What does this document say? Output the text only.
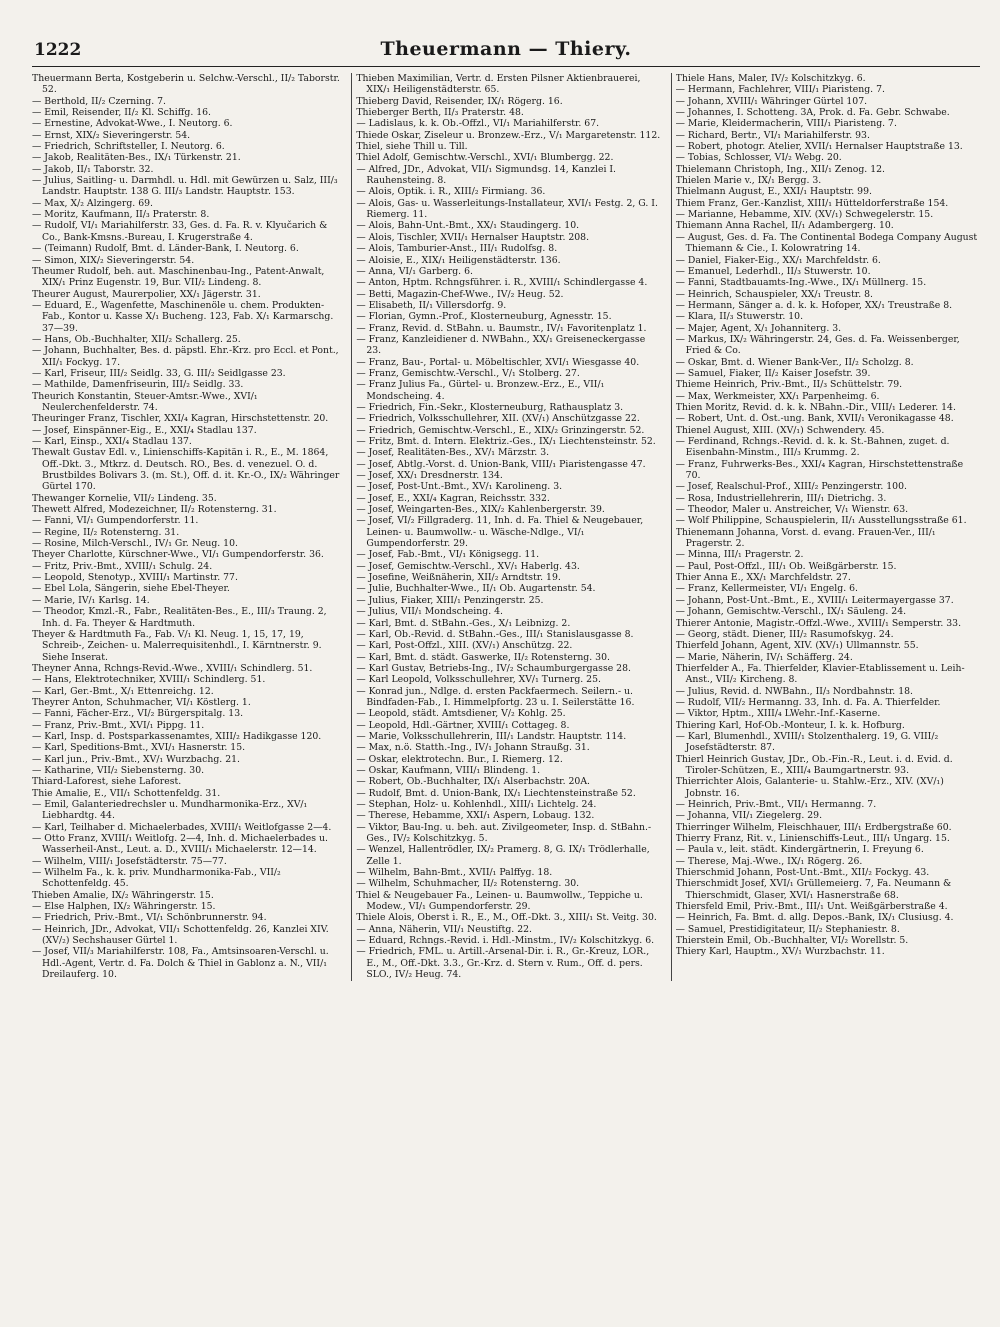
1222	Theuermann — Thiery.

Theuermann Berta, Kostgeberin u. Selchw.-Verschl., II/₂ Taborstr. 52.

— Berthold, II/₂ Czerning. 7.

— Emil, Reisender, II/₂ Kl. Schiffg. 16.

— Ernestine, Advokat-Wwe., I. Neutorg. 6.

— Ernst, XIX/₂ Sieveringerstr. 54.

— Friedrich, Schriftsteller, I. Neutorg. 6.

— Jakob, Realitäten-Bes., IX/₁ Türkenstr. 21.

— Jakob, II/₁ Taborstr. 32.

— Julius, Saitling- u. Darmhdl. u. Hdl. mit Gewürzen u. Salz, III/₃ Landstr. Hauptstr. 138 G. III/₃ Landstr. Hauptstr. 153.

— Max, X/₂ Alzingerg. 69.

— Moritz, Kaufmann, II/₃ Praterstr. 8.

— Rudolf, VI/₁ Mariahilferstr. 33, Ges. d. Fa. R. v. Klyučarich & Co., Bank-Kmsns.-Bureau, I. Krugerstraße 4.

— (Teimann) Rudolf, Bmt. d. Länder-Bank, I. Neutorg. 6.

— Simon, XIX/₂ Sieveringerstr. 54.

Theumer Rudolf, beh. aut. Maschinenbau-Ing., Patent-Anwalt, XIX/₁ Prinz Eugenstr. 19, Bur. VII/₂ Lindeng. 8.

Theurer August, Maurerpolier, XX/₁ Jägerstr. 31.

— Eduard, E., Wagenfette, Maschinenöle u. chem. Produkten-Fab., Kontor u. Kasse X/₁ Bucheng. 123, Fab. X/₁ Karmarschg. 37—39.

— Hans, Ob.-Buchhalter, XII/₂ Schallerg. 25.

— Johann, Buchhalter, Bes. d. päpstl. Ehr.-Krz. pro Eccl. et Pont., XII/₁ Fockyg. 17.

— Karl, Friseur, III/₂ Seidlg. 33, G. III/₂ Seidlgasse 23.

— Mathilde, Damenfriseurin, III/₂ Seidlg. 33.

Theurich Konstantin, Steuer-Amtsr.-Wwe., XVI/₁ Neulerchenfelderstr. 74.

Theuringer Franz, Tischler, XXI/₄ Kagran, Hirschstettenstr. 20.

— Josef, Einspänner-Eig., E., XXI/₄ Stadlau 137.

— Karl, Einsp., XXI/₄ Stadlau 137.

Thewalt Gustav Edl. v., Linienschiffs-Kapitän i. R., E., M. 1864, Off.-Dkt. 3., Mtkrz. d. Deutsch. RO., Bes. d. venezuel. O. d. Brustbildes Bolivars 3. (m. St.), Off. d. it. Kr.-O., IX/₂ Währinger Gürtel 170.

Thewanger Kornelie, VII/₂ Lindeng. 35.

Thewett Alfred, Modezeichner, II/₂ Rotensterng. 31.

— Fanni, VI/₁ Gumpendorferstr. 11.

— Regine, II/₂ Rotensterng. 31.

— Rosine, Milch-Verschl., IV/₁ Gr. Neug. 10.

Theyer Charlotte, Kürschner-Wwe., VI/₁ Gumpendorferstr. 36.

— Fritz, Priv.-Bmt., XVIII/₁ Schulg. 24.

— Leopold, Stenotyp., XVIII/₁ Martinstr. 77.

— Ebel Lola, Sängerin, siehe Ebel-Theyer.

— Marie, IV/₁ Karlsg. 14.

— Theodor, Kmzl.-R., Fabr., Realitäten-Bes., E., III/₃ Traung. 2, Inh. d. Fa. Theyer & Hardtmuth.

Theyer & Hardtmuth Fa., Fab. V/₁ Kl. Neug. 1, 15, 17, 19, Schreib-, Zeichen- u. Malerrequisitenhdl., I. Kärntnerstr. 9. Siehe Inserat.

Theyner Anna, Rchngs-Revid.-Wwe., XVIII/₁ Schindlerg. 51.

— Hans, Elektrotechniker, XVIII/₁ Schindlerg. 51.

— Karl, Ger.-Bmt., X/₁ Ettenreichg. 12.

Theyrer Anton, Schuhmacher, VI/₁ Köstlerg. 1.

— Fanni, Fächer-Erz., VI/₂ Bürgerspitalg. 13.

— Franz, Priv.-Bmt., XVI/₁ Pippg. 11.

— Karl, Insp. d. Postsparkassenamtes, XIII/₂ Hadikgasse 120.

— Karl, Speditions-Bmt., XVI/₁ Hasnerstr. 15.

— Karl jun., Priv.-Bmt., XV/₁ Wurzbachg. 21.

— Katharine, VII/₂ Siebensterng. 30.

Thiard-Laforest, siehe Laforest.

Thie Amalie, E., VII/₁ Schottenfeldg. 31.

— Emil, Galanteriedrechsler u. Mundharmonika-Erz., XV/₁ Liebhardtg. 44.

— Karl, Teilhaber d. Michaelerbades, XVIII/₁ Weitlofgasse 2—4.

— Otto Franz, XVIII/₁ Weitlofg. 2—4, Inh. d. Michaelerbades u. Wasserheil-Anst., Leut. a. D., XVIII/₁ Michaelerstr. 12—14.

— Wilhelm, VIII/₁ Josefstädterstr. 75—77.

— Wilhelm Fa., k. k. priv. Mundharmonika-Fab., VII/₂ Schottenfeldg. 45.

Thieben Amalie, IX/₂ Währingerstr. 15.

— Else Halphen, IX/₂ Währingerstr. 15.

— Friedrich, Priv.-Bmt., VI/₁ Schönbrunnerstr. 94.

— Heinrich, JDr., Advokat, VII/₁ Schottenfeldg. 26, Kanzlei XIV. (XV/₂) Sechshauser Gürtel 1.

— Josef, VII/₃ Mariahilferstr. 108, Fa., Amtsinsoaren-Verschl. u. Hdl.-Agent, Vertr. d. Fa. Dolch & Thiel in Gablonz a. N., VII/₁ Dreilauferg. 10.

Thieben Maximilian, Vertr. d. Ersten Pilsner Aktienbrauerei, XIX/₁ Heiligenstädterstr. 65.

Thieberg David, Reisender, IX/₁ Rögerg. 16.

Thieberger Berth, II/₃ Praterstr. 48.

— Ladislaus, k. k. Ob.-Offzl., VI/₁ Mariahilferstr. 67.

Thiede Oskar, Ziseleur u. Bronzew.-Erz., V/₁ Margaretenstr. 112.

Thiel, siehe Thill u. Till.

Thiel Adolf, Gemischtw.-Verschl., XVI/₁ Blumbergg. 22.

— Alfred, JDr., Advokat, VII/₁ Sigmundsg. 14, Kanzlei I. Rauhensteing. 8.

— Alois, Optik. i. R., XIII/₂ Firmiang. 36.

— Alois, Gas- u. Wasserleitungs-Installateur, XVI/₁ Festg. 2, G. I. Riemerg. 11.

— Alois, Bahn-Unt.-Bmt., XX/₁ Staudingerg. 10.

— Alois, Tischler, XVII/₁ Hernalser Hauptstr. 208.

— Alois, Tamburier-Anst., III/₁ Rudolfsg. 8.

— Aloisie, E., XIX/₁ Heiligenstädterstr. 136.

— Anna, VI/₁ Garberg. 6.

— Anton, Hptm. Rchngsführer. i. R., XVIII/₁ Schindlergasse 4.

— Betti, Magazin-Chef-Wwe., IV/₂ Heug. 52.

— Elisabeth, II/₁ Villersdorfg. 9.

— Florian, Gymn.-Prof., Klosterneuburg, Agnesstr. 15.

— Franz, Revid. d. StBahn. u. Baumstr., IV/₁ Favoritenplatz 1.

— Franz, Kanzleidiener d. NWBahn., XX/₁ Greiseneckergasse 23.

— Franz, Bau-, Portal- u. Möbeltischler, XVI/₁ Wiesgasse 40.

— Franz, Gemischtw.-Verschl., V/₁ Stolberg. 27.

— Franz Julius Fa., Gürtel- u. Bronzew.-Erz., E., VII/₁ Mondscheing. 4.

— Friedrich, Fin.-Sekr., Klosterneuburg, Rathausplatz 3.

— Friedrich, Volksschullehrer, XII. (XV/₁) Anschützgasse 22.

— Friedrich, Gemischtw.-Verschl., E., XIX/₂ Grinzingerstr. 52.

— Fritz, Bmt. d. Intern. Elektriz.-Ges., IX/₁ Liechtensteinstr. 52.

— Josef, Realitäten-Bes., XV/₁ Märzstr. 3.

— Josef, Abtlg.-Vorst. d. Union-Bank, VIII/₁ Piaristengasse 47.

— Josef, XX/₁ Dresdnerstr. 134.

— Josef, Post-Unt.-Bmt., XV/₁ Karolineng. 3.

— Josef, E., XXI/₄ Kagran, Reichsstr. 332.

— Josef, Weingarten-Bes., XIX/₂ Kahlenbergerstr. 39.

— Josef, VI/₂ Fillgraderg. 11, Inh. d. Fa. Thiel & Neugebauer, Leinen- u. Baumwollw.- u. Wäsche-Ndlge., VI/₁ Gumpendorferstr. 29.

— Josef, Fab.-Bmt., VI/₁ Königsegg. 11.

— Josef, Gemischtw.-Verschl., XV/₁ Haberlg. 43.

— Josefine, Weißnäherin, XII/₂ Arndtstr. 19.

— Julie, Buchhalter-Wwe., II/₁ Ob. Augartenstr. 54.

— Julius, Fiaker, XIII/₁ Penzingerstr. 25.

— Julius, VII/₁ Mondscheing. 4.

— Karl, Bmt. d. StBahn.-Ges., X/₁ Leibnizg. 2.

— Karl, Ob.-Revid. d. StBahn.-Ges., III/₁ Stanislausgasse 8.

— Karl, Post-Offzl., XIII. (XV/₁) Anschützg. 22.

— Karl, Bmt. d. städt. Gaswerke, II/₂ Rotensterng. 30.

— Karl Gustav, Betriebs-Ing., IV/₂ Schaumburgergasse 28.

— Karl Leopold, Volksschullehrer, XV/₁ Turnerg. 25.

— Konrad jun., Ndlge. d. ersten Packfaermech. Seilern.- u. Bindfaden-Fab., I. Himmelpfortg. 23 u. I. Seilerstätte 16.

— Leopold, städt. Amtsdiener, V/₂ Kohlg. 25.

— Leopold, Hdl.-Gärtner, XVIII/₁ Cottageg. 8.

— Marie, Volksschullehrerin, III/₁ Landstr. Hauptstr. 114.

— Max, n.ö. Statth.-Ing., IV/₁ Johann Straußg. 31.

— Oskar, elektrotechn. Bur., I. Riemerg. 12.

— Oskar, Kaufmann, VIII/₁ Blindeng. 1.

— Robert, Ob.-Buchhalter, IX/₁ Alserbachstr. 20A.

— Rudolf, Bmt. d. Union-Bank, IX/₁ Liechtensteinstraße 52.

— Stephan, Holz- u. Kohlenhdl., XIII/₁ Lichtelg. 24.

— Therese, Hebamme, XXI/₁ Aspern, Lobaug. 132.

— Viktor, Bau-Ing. u. beh. aut. Zivilgeometer, Insp. d. StBahn.-Ges., IV/₂ Kolschitzkyg. 5.

— Wenzel, Hallentrödler, IX/₂ Pramerg. 8, G. IX/₁ Trödlerhalle, Zelle 1.

— Wilhelm, Bahn-Bmt., XVII/₁ Palffyg. 18.

— Wilhelm, Schuhmacher, II/₂ Rotensterng. 30.

Thiel & Neugebauer Fa., Leinen- u. Baumwollw., Teppiche u. Modew., VI/₁ Gumpendorferstr. 29.

Thiele Alois, Oberst i. R., E., M., Off.-Dkt. 3., XIII/₁ St. Veitg. 30.

— Anna, Näherin, VII/₁ Neustiftg. 22.

— Eduard, Rchngs.-Revid. i. Hdl.-Minstm., IV/₂ Kolschitzkyg. 6.

— Friedrich, FML. u. Artill.-Arsenal-Dir. i. R., Gr.-Kreuz, LOR., E., M., Off.-Dkt. 3.3., Gr.-Krz. d. Stern v. Rum., Off. d. pers. SLO., IV/₂ Heug. 74.

Thiele Hans, Maler, IV/₂ Kolschitzkyg. 6.

— Hermann, Fachlehrer, VIII/₁ Piaristeng. 7.

— Johann, XVIII/₁ Währinger Gürtel 107.

— Johannes, I. Schotteng. 3A, Prok. d. Fa. Gebr. Schwabe.

— Marie, Kleidermacherin, VIII/₁ Piaristeng. 7.

— Richard, Bertr., VI/₁ Mariahilferstr. 93.

— Robert, photogr. Atelier, XVII/₁ Hernalser Hauptstraße 13.

— Tobias, Schlosser, VI/₂ Webg. 20.

Thielemann Christoph, Ing., XII/₁ Zenog. 12.

Thielen Marie v., IX/₁ Bergg. 3.

Thielmann August, E., XXI/₁ Hauptstr. 99.

Thiem Franz, Ger.-Kanzlist, XIII/₁ Hütteldorferstraße 154.

— Marianne, Hebamme, XIV. (XV/₁) Schwegelerstr. 15.

Thiemann Anna Rachel, II/₁ Adambergerg. 10.

— August, Ges. d. Fa. The Continental Bodega Company August Thiemann & Cie., I. Kolowratring 14.

— Daniel, Fiaker-Eig., XX/₁ Marchfeldstr. 6.

— Emanuel, Lederhdl., II/₃ Stuwerstr. 10.

— Fanni, Stadtbauamts-Ing.-Wwe., IX/₁ Müllnerg. 15.

— Heinrich, Schauspieler, XX/₁ Treustr. 8.

— Hermann, Sänger a. d. k. k. Hofoper, XX/₁ Treustraße 8.

— Klara, II/₃ Stuwerstr. 10.

— Majer, Agent, X/₁ Johanniterg. 3.

— Markus, IX/₂ Währingerstr. 24, Ges. d. Fa. Weissenberger, Fried & Co.

— Oskar, Bmt. d. Wiener Bank-Ver., II/₂ Scholzg. 8.

— Samuel, Fiaker, II/₂ Kaiser Josefstr. 39.

Thieme Heinrich, Priv.-Bmt., II/₃ Schüttelstr. 79.

— Max, Werkmeister, XX/₁ Parpenheimg. 6.

Thien Moritz, Revid. d. k. k. NBahn.-Dir., VIII/₁ Lederer. 14.

— Robert, Unt. d. Öst.-ung. Bank, XVII/₁ Veronikagasse 48.

Thienel August, XIII. (XV/₁) Schwendery. 45.

— Ferdinand, Rchngs.-Revid. d. k. k. St.-Bahnen, zuget. d. Eisenbahn-Minstm., III/₃ Krummg. 2.

— Franz, Fuhrwerks-Bes., XXI/₄ Kagran, Hirschstettenstraße 70.

— Josef, Realschul-Prof., XIII/₂ Penzingerstr. 100.

— Rosa, Industriellehrerin, III/₁ Dietrichg. 3.

— Theodor, Maler u. Anstreicher, V/₁ Wienstr. 63.

— Wolf Philippine, Schauspielerin, II/₁ Ausstellungsstraße 61.

Thienemann Johanna, Vorst. d. evang. Frauen-Ver., III/₁ Pragerstr. 2.

— Minna, III/₁ Pragerstr. 2.

— Paul, Post-Offzl., III/₁ Ob. Weißgärberstr. 15.

Thier Anna E., XX/₁ Marchfeldstr. 27.

— Franz, Kellermeister, VI/₁ Engelg. 6.

— Johann, Post-Unt.-Bmt., E., XVIII/₁ Leitermayergasse 37.

— Johann, Gemischtw.-Verschl., IX/₁ Säuleng. 24.

Thierer Antonie, Magistr.-Offzl.-Wwe., XVIII/₁ Semperstr. 33.

— Georg, städt. Diener, III/₂ Rasumofskyg. 24.

Thierfeld Johann, Agent, XIV. (XV/₁) Ullmannstr. 55.

— Marie, Näherin, IV/₁ Schäfferg. 24.

Thierfelder A., Fa. Thierfelder, Klavier-Etablissement u. Leih-Anst., VII/₂ Kircheng. 8.

— Julius, Revid. d. NWBahn., II/₃ Nordbahnstr. 18.

— Rudolf, VII/₂ Hermanng. 33, Inh. d. Fa. A. Thierfelder.

— Viktor, Hptm., XIII/₄ LWehr.-Inf.-Kaserne.

Thiering Karl, Hof-Ob.-Monteur, I. k. k. Hofburg.

— Karl, Blumenhdl., XVIII/₁ Stolzenthalerg. 19, G. VIII/₂ Josefstädterstr. 87.

Thierl Heinrich Gustav, JDr., Ob.-Fin.-R., Leut. i. d. Evid. d. Tiroler-Schützen, E., XIII/₄ Baumgartnerstr. 93.

Thierrichter Alois, Galanterie- u. Stahlw.-Erz., XIV. (XV/₁) Jobnstr. 16.

— Heinrich, Priv.-Bmt., VII/₁ Hermanng. 7.

— Johanna, VII/₁ Ziegelerg. 29.

Thierringer Wilhelm, Fleischhauer, III/₁ Erdbergstraße 60.

Thierry Franz, Rit. v., Linienschiffs-Leut., III/₁ Ungarg. 15.

— Paula v., leit. städt. Kindergärtnerin, I. Freyung 6.

— Therese, Maj.-Wwe., IX/₁ Rögerg. 26.

Thierschmid Johann, Post-Unt.-Bmt., XII/₂ Fockyg. 43.

Thierschmidt Josef, XVI/₁ Grüllemeierg. 7, Fa. Neumann & Thierschmidt, Glaser, XVI/₁ Hasnerstraße 68.

Thiersfeld Emil, Priv.-Bmt., III/₁ Unt. Weißgärberstraße 4.

— Heinrich, Fa. Bmt. d. allg. Depos.-Bank, IX/₁ Clusiusg. 4.

— Samuel, Prestidigitateur, II/₂ Stephaniestr. 8.

Thierstein Emil, Ob.-Buchhalter, VI/₂ Worellstr. 5.

Thiery Karl, Hauptm., XV/₁ Wurzbachstr. 11.
